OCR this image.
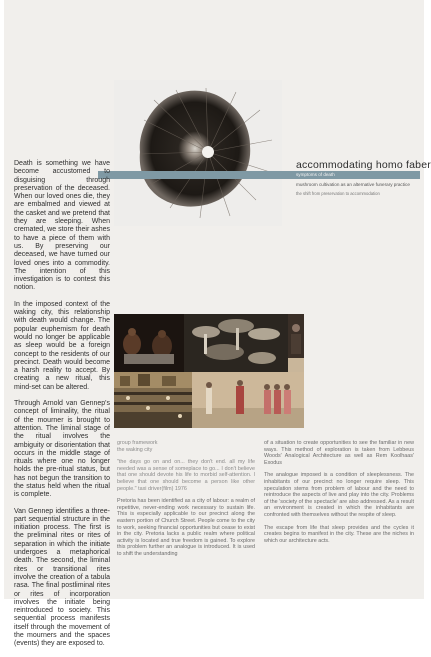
accommodating homo faber
symptoms of death
mushroom cultivation as an alternative funerary practice
the shift from preservation to accommodation

Death is something we have become accustomed to disguising through preservation of the deceased. When our loved ones die, they are embalmed and viewed at the casket and we pretend that they are sleeping. When cremated, we store their ashes to have a piece of them with us. By preserving our deceased, we have turned our loved ones into a commodity. The intention of this investigation is to contest this notion.

In the imposed context of the waking city, this relationship with death would change. The popular euphemism for death would no longer be applicable as sleep would be a foreign concept to the residents of our precinct. Death would become a harsh reality to accept. By creating a new ritual, this mind-set can be altered.

Through Arnold van Gennep's concept of liminality, the ritual of the mourner is brought to attention. The liminal stage of the ritual involves the ambiguity or disorientation that occurs in the middle stage of rituals where one no longer holds the pre-ritual status, but has not begun the transition to the status held when the ritual is complete.

Van Gennep identifies a three-part sequential structure in the initiation process. The first is the preliminal rites or rites of separation in which the initiate undergoes a metaphorical death. The second, the liminal rites or transitional rites involve the creation of a tabula rasa. The final postliminal rites or rites of incorporation involves the initiate being reintroduced to society. This sequential process manifests itself through the movement of the mourners and the spaces (events) they are exposed to.

group framework
the waking city

"the days go on and on... they don't end. all my life needed was a sense of someplace to go... I don't believe that one should devote his life to morbid self-attention. I believe that one should become a person like other people." taxi driver(film) 1976

Pretoria has been identified as a city of labour: a realm of repetitive, never-ending work necessary to sustain life. This is especially applicable to our precinct along the eastern portion of Church Street. People come to the city to work, seeking financial opportunities but cease to exist in the city. Pretoria lacks a public realm where political activity is located and true freedom is gained. To explore this problem further an analogue is introduced. It is used to shift the understanding

of a situation to create opportunities to see the familiar in new ways. This method of exploration is taken from Lebbeus Woods' Analogical Architecture as well as Rem Koolhaas' Exodus

The analogue imposed is a condition of sleeplessness. The inhabitants of our precinct no longer require sleep. This speculation stems from problem of labour and the need to reintroduce the aspects of live and play into the city. Problems of the 'society of the spectacle' are also addressed. As a result an environment is created in which the inhabitants are confronted with themselves without the respite of sleep.

The escape from life that sleep provides and the cycles it creates begins to manifest in the city. These are the niches in which our architecture acts.
